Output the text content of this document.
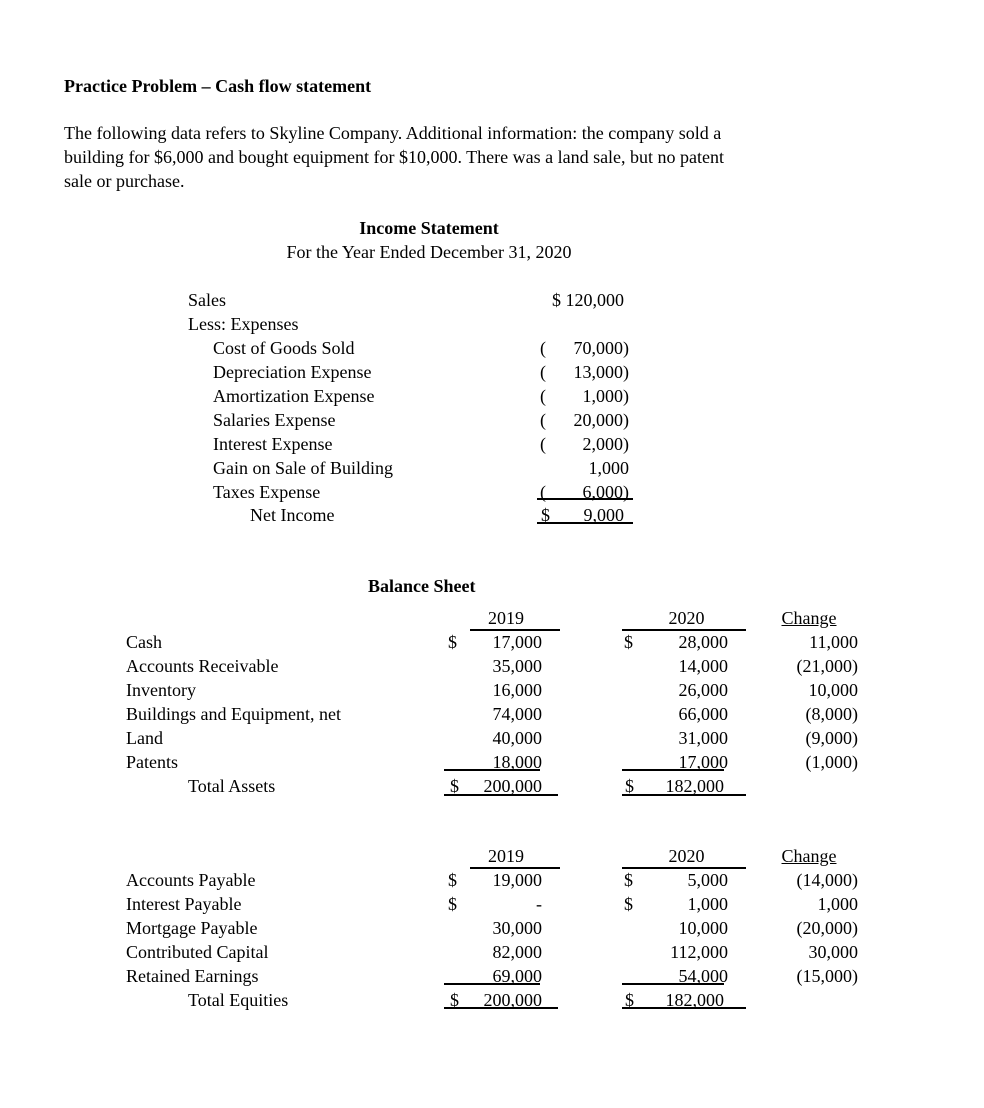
Practice Problem – Cash flow statement
The following data refers to Skyline Company. Additional information: the company sold a
building for $6,000 and bought equipment for $10,000. There was a land sale, but no patent
sale or purchase.
Income Statement
For the Year Ended December 31, 2020
Sales	$ 120,000
Less: Expenses
Cost of Goods Sold	(	70,000)
Depreciation Expense	(	13,000)
Amortization Expense	(	1,000)
Salaries Expense	(	20,000)
Interest Expense	(	2,000)
Gain on Sale of Building	1,000
Taxes Expense	(	6,000)
Net Income	$	9,000
Balance Sheet
2019	2020	Change
Cash	$	17,000	$	28,000	11,000
Accounts Receivable	35,000	14,000	(21,000)
Inventory	16,000	26,000	10,000
Buildings and Equipment, net	74,000	66,000	(8,000)
Land	40,000	31,000	(9,000)
Patents	18,000	17,000	(1,000)
Total Assets	$	200,000	$	182,000
2019	2020	Change
Accounts Payable	$	19,000	$	5,000	(14,000)
Interest Payable	$	-	$	1,000	1,000
Mortgage Payable	30,000	10,000	(20,000)
Contributed Capital	82,000	112,000	30,000
Retained Earnings	69,000	54,000	(15,000)
Total Equities	$	200,000	$	182,000
